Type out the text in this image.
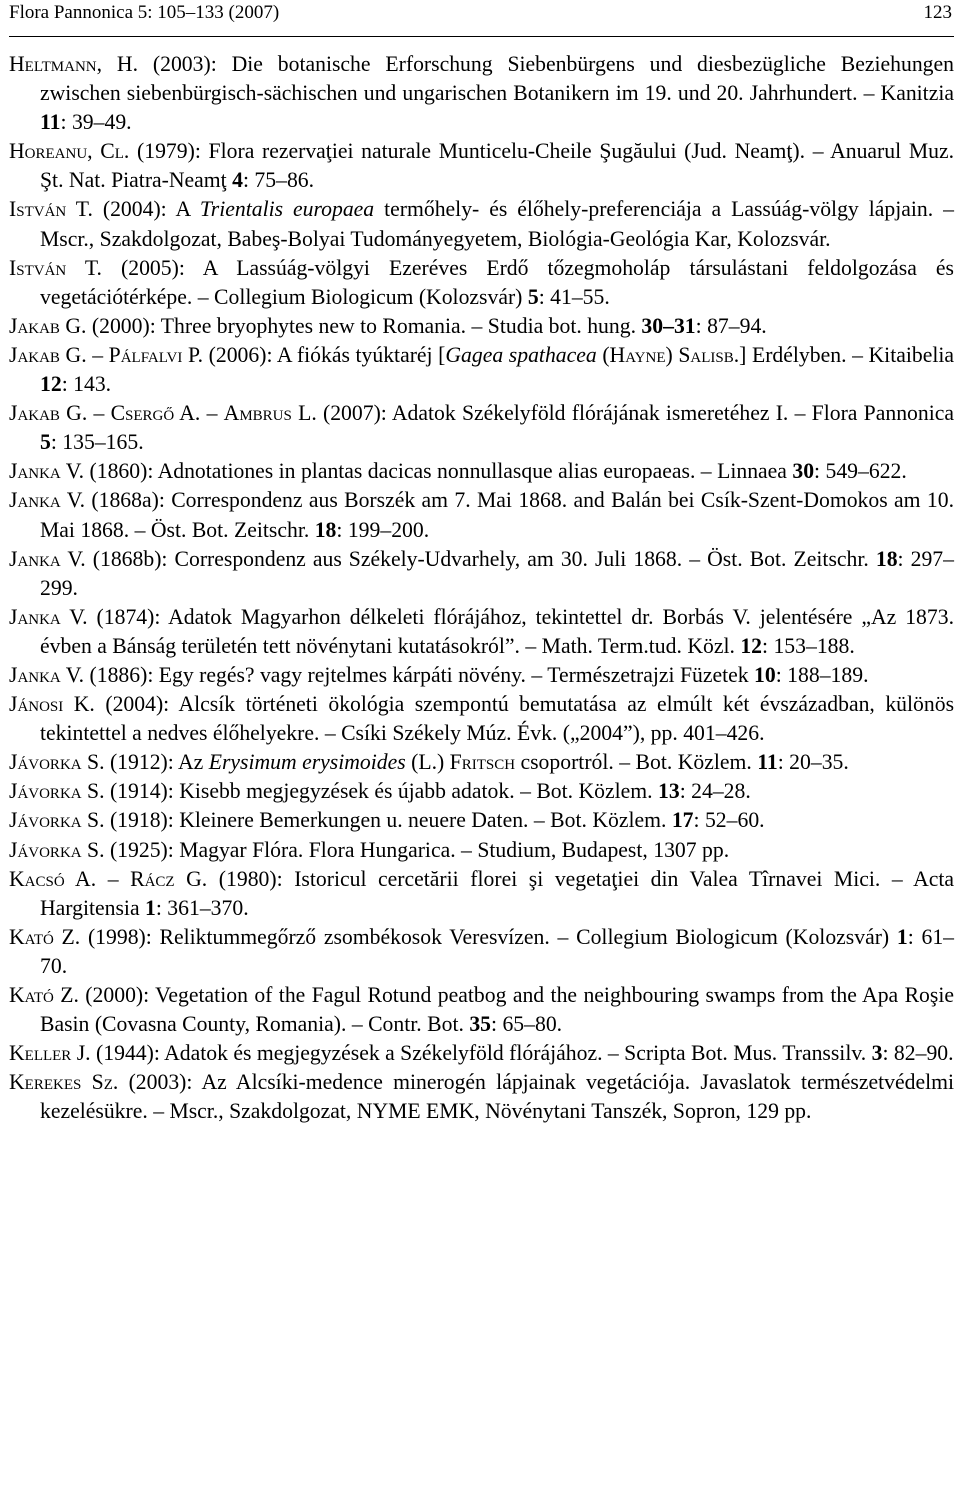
Flora Pannonica 5: 105–133 (2007)	123
Heltmann, H. (2003): Die botanische Erforschung Siebenbürgens und diesbezügliche Beziehungen zwischen siebenbürgisch-sächischen und ungarischen Botanikern im 19. und 20. Jahrhundert. – Kanitzia 11: 39–49.
Horeanu, Cl. (1979): Flora rezervaţiei naturale Munticelu-Cheile Şugăului (Jud. Neamţ). – Anuarul Muz. Şt. Nat. Piatra-Neamţ 4: 75–86.
István T. (2004): A Trientalis europaea termőhely- és élőhely-preferenciája a Lassúág-völgy lápjain. – Mscr., Szakdolgozat, Babeş-Bolyai Tudományegyetem, Biológia-Geológia Kar, Kolozsvár.
István T. (2005): A Lassúág-völgyi Ezeréves Erdő tőzegmoholáp társulástani feldolgozása és vegetációtérképe. – Collegium Biologicum (Kolozsvár) 5: 41–55.
Jakab G. (2000): Three bryophytes new to Romania. – Studia bot. hung. 30–31: 87–94.
Jakab G. – Pálfalvi P. (2006): A fiókás tyúktaréj [Gagea spathacea (Hayne) Salisb.] Erdélyben. – Kitaibelia 12: 143.
Jakab G. – Csergő A. – Ambrus L. (2007): Adatok Székelyföld flórájának ismeretéhez I. – Flora Pannonica 5: 135–165.
Janka V. (1860): Adnotationes in plantas dacicas nonnullasque alias europaeas. – Linnaea 30: 549–622.
Janka V. (1868a): Correspondenz aus Borszék am 7. Mai 1868. and Balán bei Csík-Szent-Domokos am 10. Mai 1868. – Öst. Bot. Zeitschr. 18: 199–200.
Janka V. (1868b): Correspondenz aus Székely-Udvarhely, am 30. Juli 1868. – Öst. Bot. Zeitschr. 18: 297–299.
Janka V. (1874): Adatok Magyarhon délkeleti flórájához, tekintettel dr. Borbás V. jelentésére „Az 1873. évben a Bánság területén tett növénytani kutatásokról”. – Math. Term.tud. Közl. 12: 153–188.
Janka V. (1886): Egy regés? vagy rejtelmes kárpáti növény. – Természetrajzi Füzetek 10: 188–189.
Jánosi K. (2004): Alcsík történeti ökológia szempontú bemutatása az elmúlt két évszázadban, különös tekintettel a nedves élőhelyekre. – Csíki Székely Múz. Évk. („2004”), pp. 401–426.
Jávorka S. (1912): Az Erysimum erysimoides (L.) Fritsch csoportról. – Bot. Közlem. 11: 20–35.
Jávorka S. (1914): Kisebb megjegyzések és újabb adatok. – Bot. Közlem. 13: 24–28.
Jávorka S. (1918): Kleinere Bemerkungen u. neuere Daten. – Bot. Közlem. 17: 52–60.
Jávorka S. (1925): Magyar Flóra. Flora Hungarica. – Studium, Budapest, 1307 pp.
Kacsó A. – Rácz G. (1980): Istoricul cercetării florei şi vegetaţiei din Valea Tîrnavei Mici. – Acta Hargitensia 1: 361–370.
Kató Z. (1998): Reliktummegőrző zsombékosok Veresvízen. – Collegium Biologicum (Kolozsvár) 1: 61–70.
Kató Z. (2000): Vegetation of the Fagul Rotund peatbog and the neighbouring swamps from the Apa Roşie Basin (Covasna County, Romania). – Contr. Bot. 35: 65–80.
Keller J. (1944): Adatok és megjegyzések a Székelyföld flórájához. – Scripta Bot. Mus. Transsilv. 3: 82–90.
Kerekes Sz. (2003): Az Alcsíki-medence minerogén lápjainak vegetációja. Javaslatok természetvédelmi kezelésükre. – Mscr., Szakdolgozat, NYME EMK, Növénytani Tanszék, Sopron, 129 pp.
